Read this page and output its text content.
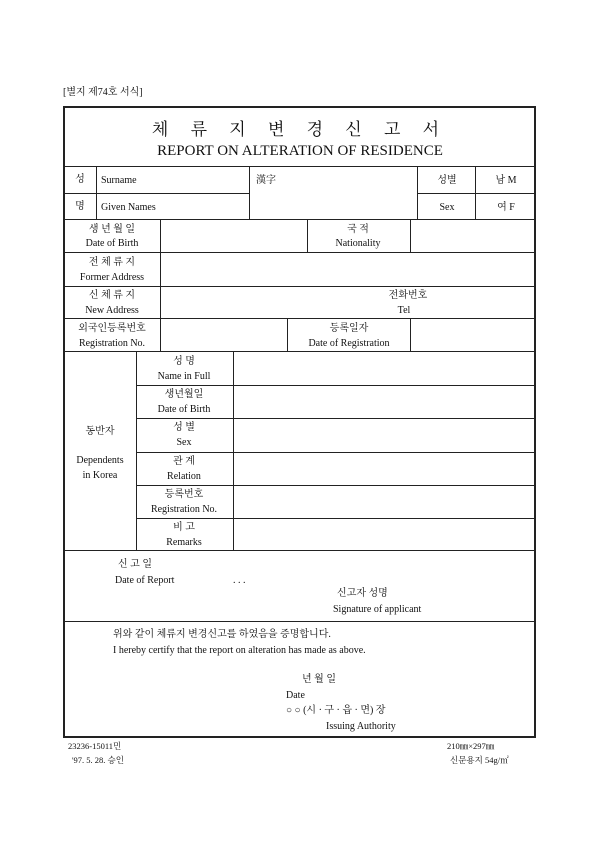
[별지 제74호 서식]
체 류 지 변 경 신 고 서
REPORT ON ALTERATION OF RESIDENCE
성 Surname
명 Given Names
漢字	성별
Sex
남 M
여 F
생 년 월 일
Date of Birth
국 적
Nationality
전 체 류 지
Former Address
신 체 류 지
New Address
전화번호
Tel
외국인등록번호
Registration No.
등록일자
Date of Registration
동반자
Dependents
in Korea
성 명
Name in Full
생년월일
Date of Birth
성 별
Sex
관 계
Relation
등록번호
Registration No.
비 고
Remarks
신 고 일
Date of Report	. . .
신고자 성명
Signature of applicant
위와 같이 체류지 변경신고를 하였음을 증명합니다.
I hereby certify that the report on alteration has made as above.
년 월 일
Date
○ ○ (시 · 구 · 읍 · 면) 장
Issuing Authority
23236-15011민
'97. 5. 28. 승인
210㎜×297㎜
신문용지 54g/㎡
